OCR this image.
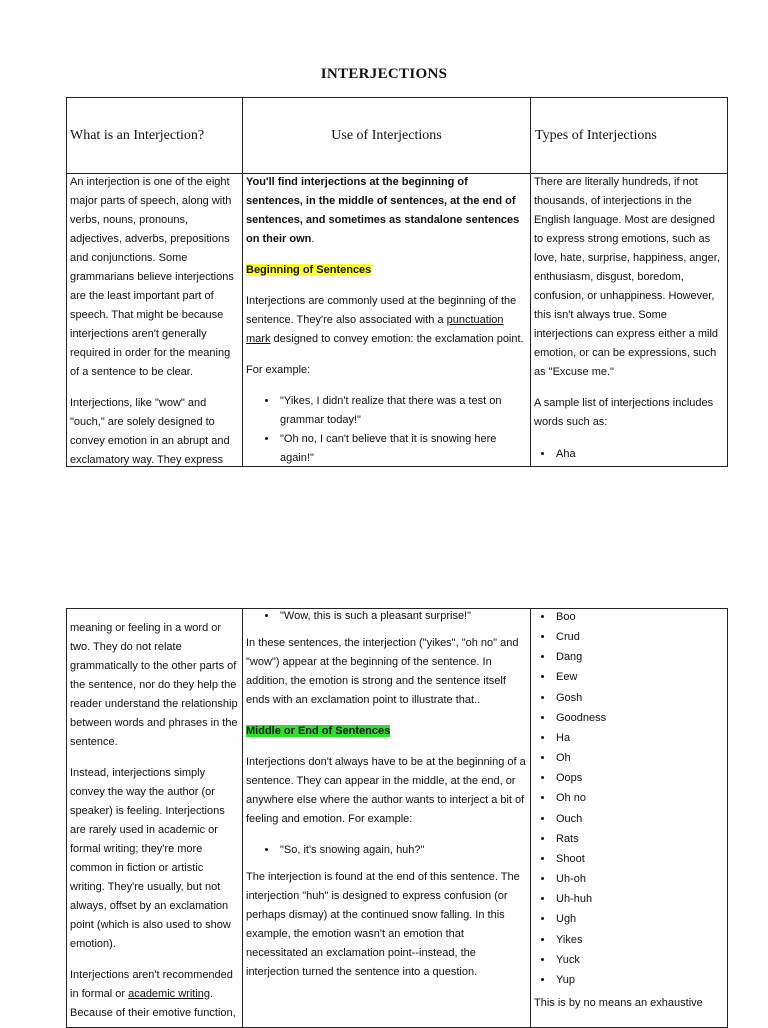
INTERJECTIONS
What is an Interjection?	Use of Interjections	Types of Interjections

An interjection is one of the eight major parts of speech, along with verbs, nouns, pronouns, adjectives, adverbs, prepositions and conjunctions. Some grammarians believe interjections are the least important part of speech. That might be because interjections aren't generally required in order for the meaning of a sentence to be clear.

Interjections, like "wow" and "ouch," are solely designed to convey emotion in an abrupt and exclamatory way. They express

You'll find interjections at the beginning of sentences, in the middle of sentences, at the end of sentences, and sometimes as standalone sentences on their own.

Beginning of Sentences

Interjections are commonly used at the beginning of the sentence. They're also associated with a punctuation mark designed to convey emotion: the exclamation point.

For example:

• "Yikes, I didn't realize that there was a test on grammar today!"
• "Oh no, I can't believe that it is snowing here again!"

There are literally hundreds, if not thousands, of interjections in the English language. Most are designed to express strong emotions, such as love, hate, surprise, happiness, anger, enthusiasm, disgust, boredom, confusion, or unhappiness. However, this isn't always true. Some interjections can express either a mild emotion, or can be expressions, such as "Excuse me."

A sample list of interjections includes words such as:

• Aha

meaning or feeling in a word or two. They do not relate grammatically to the other parts of the sentence, nor do they help the reader understand the relationship between words and phrases in the sentence.

Instead, interjections simply convey the way the author (or speaker) is feeling. Interjections are rarely used in academic or formal writing; they're more common in fiction or artistic writing. They're usually, but not always, offset by an exclamation point (which is also used to show emotion).

Interjections aren't recommended in formal or academic writing. Because of their emotive function,

• "Wow, this is such a pleasant surprise!"

In these sentences, the interjection ("yikes", "oh no" and "wow") appear at the beginning of the sentence. In addition, the emotion is strong and the sentence itself ends with an exclamation point to illustrate that..

Middle or End of Sentences

Interjections don't always have to be at the beginning of a sentence. They can appear in the middle, at the end, or anywhere else where the author wants to interject a bit of feeling and emotion. For example:

• "So, it's snowing again, huh?"

The interjection is found at the end of this sentence. The interjection "huh" is designed to express confusion (or perhaps dismay) at the continued snow falling. In this example, the emotion wasn't an emotion that necessitated an exclamation point--instead, the interjection turned the sentence into a question.

• Boo
• Crud
• Dang
• Eew
• Gosh
• Goodness
• Ha
• Oh
• Oops
• Oh no
• Ouch
• Rats
• Shoot
• Uh-oh
• Uh-huh
• Ugh
• Yikes
• Yuck
• Yup

This is by no means an exhaustive
